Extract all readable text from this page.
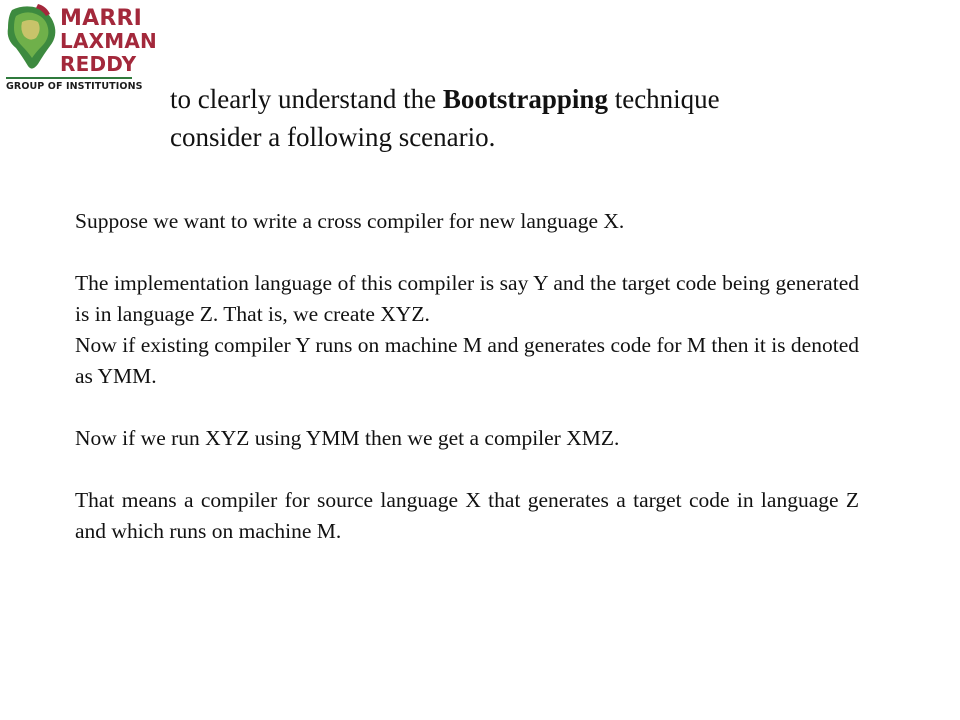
MARRI
LAXMAN
REDDY
GROUP OF INSTITUTIONS to clearly understand the Bootstrapping technique
consider a following scenario.

Suppose we want to write a cross compiler for new language X.

The implementation language of this compiler is say Y and the target code being generated is in language Z. That is, we create XYZ.

Now if existing compiler Y runs on machine M and generates code for M then it is denoted as YMM.

Now if we run XYZ using YMM then we get a compiler XMZ.

That means a compiler for source language X that generates a target code in language Z and which runs on machine M.
